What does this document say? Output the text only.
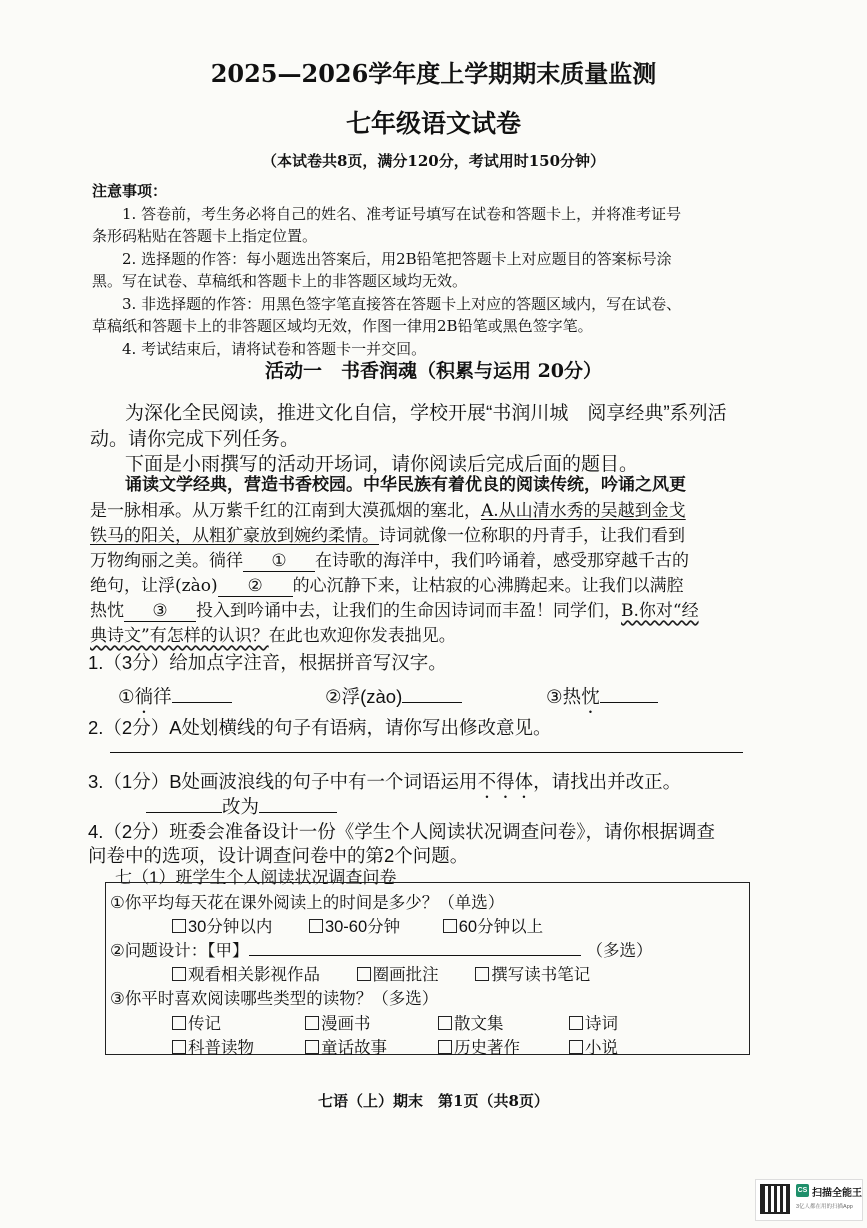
2025—2026学年度上学期期末质量监测
七年级语文试卷
（本试卷共8页，满分120分，考试用时150分钟）

注意事项：

1. 答卷前，考生务必将自己的姓名、准考证号填写在试卷和答题卡上，并将准考证号

条形码粘贴在答题卡上指定位置。

2. 选择题的作答：每小题选出答案后，用2B铅笔把答题卡上对应题目的答案标号涂

黑。写在试卷、草稿纸和答题卡上的非答题区域均无效。

3. 非选择题的作答：用黑色签字笔直接答在答题卡上对应的答题区域内，写在试卷、

草稿纸和答题卡上的非答题区域均无效，作图一律用2B铅笔或黑色签字笔。

4. 考试结束后，请将试卷和答题卡一并交回。

活动一　书香润魂（积累与运用 20分）
为深化全民阅读，推进文化自信，学校开展“书润川城　阅享经典”系列活
动。请你完成下列任务。
下面是小雨撰写的活动开场词，请你阅读后完成后面的题目。
诵读文学经典，营造书香校园。中华民族有着优良的阅读传统，吟诵之风更
是一脉相承。从万紫千红的江南到大漠孤烟的塞北，A.从山清水秀的吴越到金戈
铁马的阳关，从粗犷豪放到婉约柔情。诗词就像一位称职的丹青手，让我们看到
万物绚丽之美。徜徉 ① 在诗歌的海洋中，我们吟诵着，感受那穿越千古的
绝句，让浮(zào) ② 的心沉静下来，让枯寂的心沸腾起来。让我们以满腔
热忱 ③ 投入到吟诵中去，让我们的生命因诗词而丰盈！同学们，B.你对“经
典诗文”有怎样的认识？在此也欢迎你发表拙见。
1.（3分）给加点字注音，根据拼音写汉字。
①徜徉	②浮(zào)	③热忱
2.（2分）A处划横线的句子有语病，请你写出修改意见。
3.（1分）B处画波浪线的句子中有一个词语运用不得体，请找出并改正。
改为
4.（2分）班委会准备设计一份《学生个人阅读状况调查问卷》，请你根据调查
问卷中的选项，设计调查问卷中的第2个问题。
七（1）班学生个人阅读状况调查问卷
①你平均每天花在课外阅读上的时间是多少？（单选）
30分钟以内	30-60分钟	60分钟以上
②问题设计：【甲】	（多选）
观看相关影视作品	圈画批注	撰写读书笔记
③你平时喜欢阅读哪些类型的读物？（多选）
传记	漫画书	散文集	诗词
科普读物	童话故事	历史著作	小说
七语（上）期末　第1页（共8页）
CS 扫描全能王
3亿人都在用的扫描App
